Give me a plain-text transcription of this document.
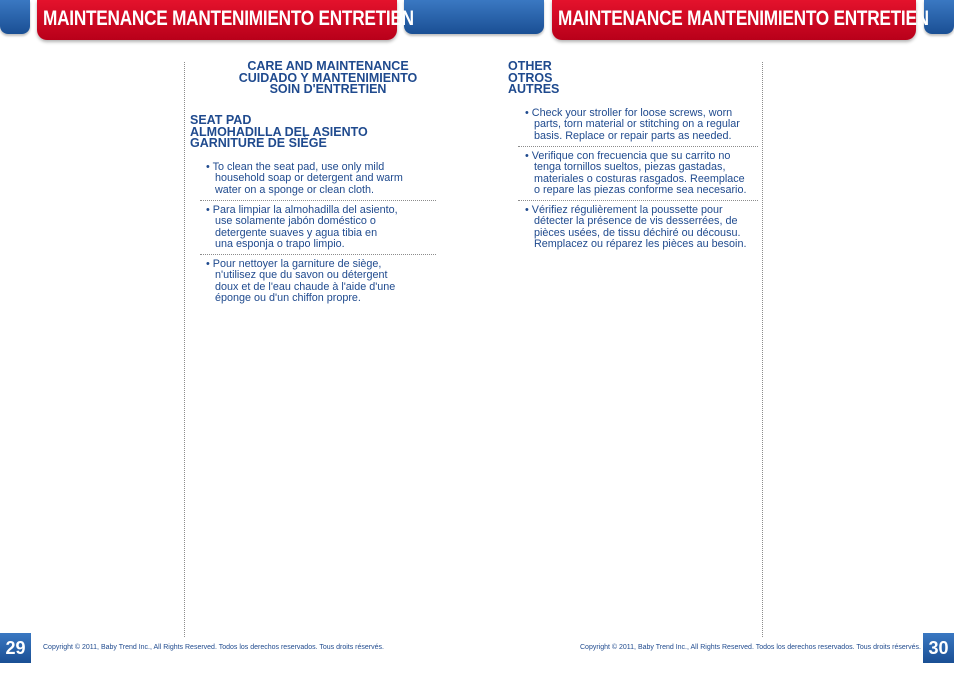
MAINTENANCE MANTENIMIENTO ENTRETIEN	MAINTENANCE MANTENIMIENTO ENTRETIEN
CARE AND MAINTENANCE
CUIDADO Y MANTENIMIENTO
SOIN D'ENTRETIEN
SEAT PAD
ALMOHADILLA DEL ASIENTO
GARNITURE DE SIÈGE
• To clean the seat pad, use only mild
household soap or detergent and warm
water on a sponge or clean cloth.
• Para limpiar la almohadilla del asiento,
use solamente jabón doméstico o
detergente suaves y agua tibia en
una esponja o trapo limpio.
• Pour nettoyer la garniture de siège,
n'utilisez que du savon ou détergent
doux et de l'eau chaude à l'aide d'une
éponge ou d'un chiffon propre.
OTHER
OTROS
AUTRES
• Check your stroller for loose screws, worn
parts, torn material or stitching on a regular
basis. Replace or repair parts as needed.
• Verifique con frecuencia que su carrito no
tenga tornillos sueltos, piezas gastadas,
materiales o costuras rasgados. Reemplace
o repare las piezas conforme sea necesario.
• Vérifiez régulièrement la poussette pour
détecter la présence de vis desserrées, de
pièces usées, de tissu déchiré ou décousu.
Remplacez ou réparez les pièces au besoin.
29	Copyright © 2011, Baby Trend Inc., All Rights Reserved. Todos los derechos reservados. Tous droits réservés.	Copyright © 2011, Baby Trend Inc., All Rights Reserved. Todos los derechos reservados. Tous droits réservés. 30
